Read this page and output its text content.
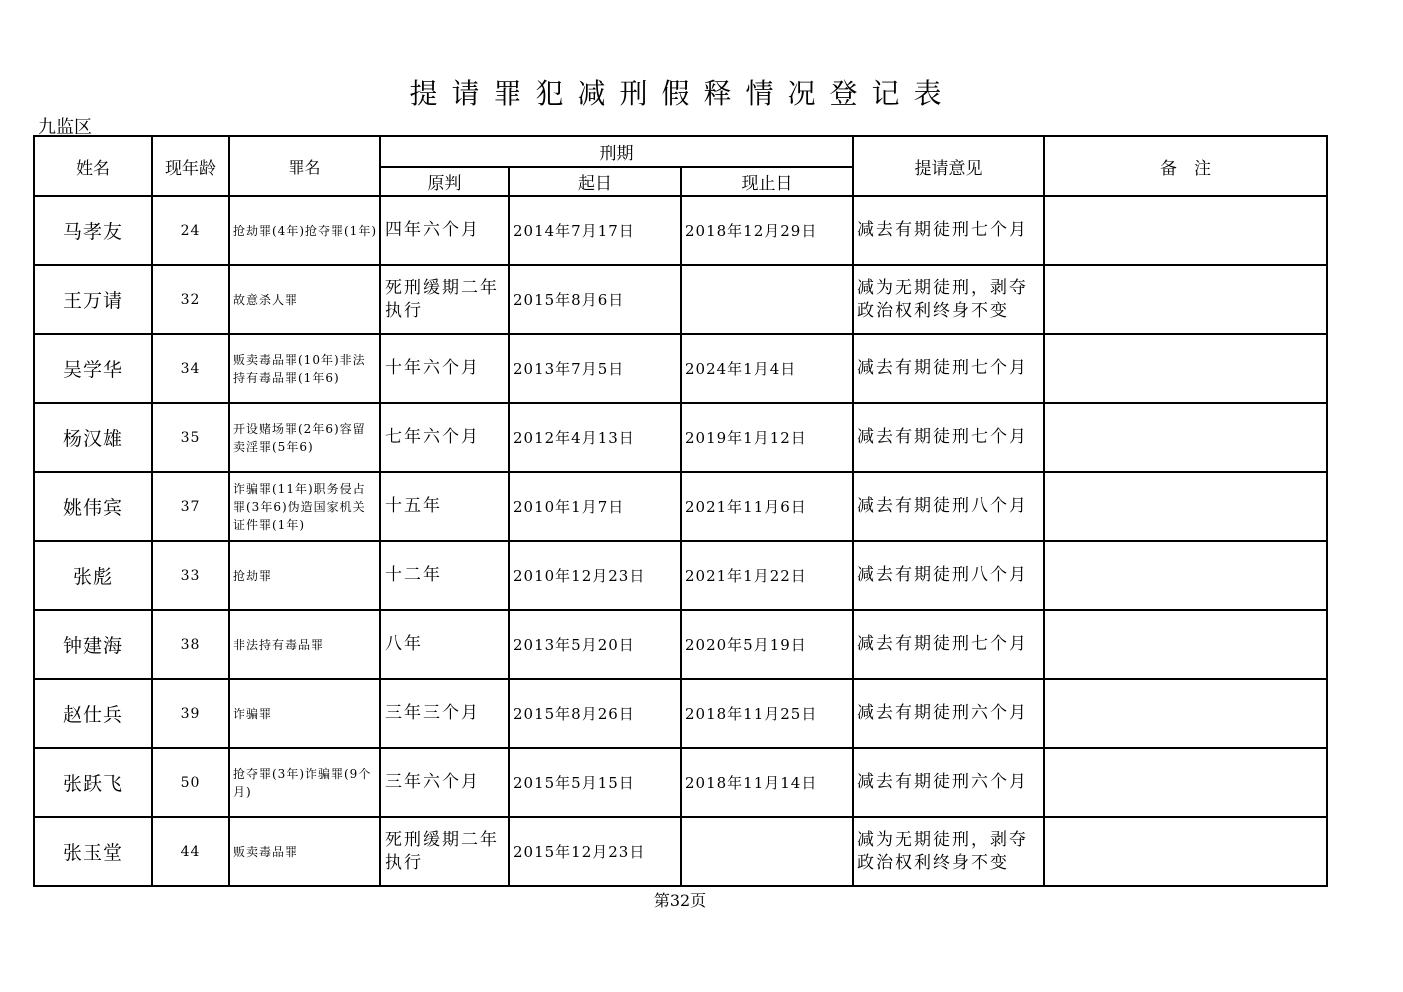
提请罪犯减刑假释情况登记表
九监区
姓名	现年龄	罪名	刑期			提请意见	备　注
			原判	起日	现止日		
马孝友	24	抢劫罪(4年)抢夺罪(1年)	四年六个月	2014年7月17日	2018年12月29日	减去有期徒刑七个月	
王万请	32	故意杀人罪	死刑缓期二年执行	2015年8月6日		减为无期徒刑，剥夺政治权利终身不变	
吴学华	34	贩卖毒品罪(10年)非法持有毒品罪(1年6)	十年六个月	2013年7月5日	2024年1月4日	减去有期徒刑七个月	
杨汉雄	35	开设赌场罪(2年6)容留卖淫罪(5年6)	七年六个月	2012年4月13日	2019年1月12日	减去有期徒刑七个月	
姚伟宾	37	诈骗罪(11年)职务侵占罪(3年6)伪造国家机关证件罪(1年)	十五年	2010年1月7日	2021年11月6日	减去有期徒刑八个月	
张彪	33	抢劫罪	十二年	2010年12月23日	2021年1月22日	减去有期徒刑八个月	
钟建海	38	非法持有毒品罪	八年	2013年5月20日	2020年5月19日	减去有期徒刑七个月	
赵仕兵	39	诈骗罪	三年三个月	2015年8月26日	2018年11月25日	减去有期徒刑六个月	
张跃飞	50	抢夺罪(3年)诈骗罪(9个月)	三年六个月	2015年5月15日	2018年11月14日	减去有期徒刑六个月	
张玉堂	44	贩卖毒品罪	死刑缓期二年执行	2015年12月23日		减为无期徒刑，剥夺政治权利终身不变	
第32页
